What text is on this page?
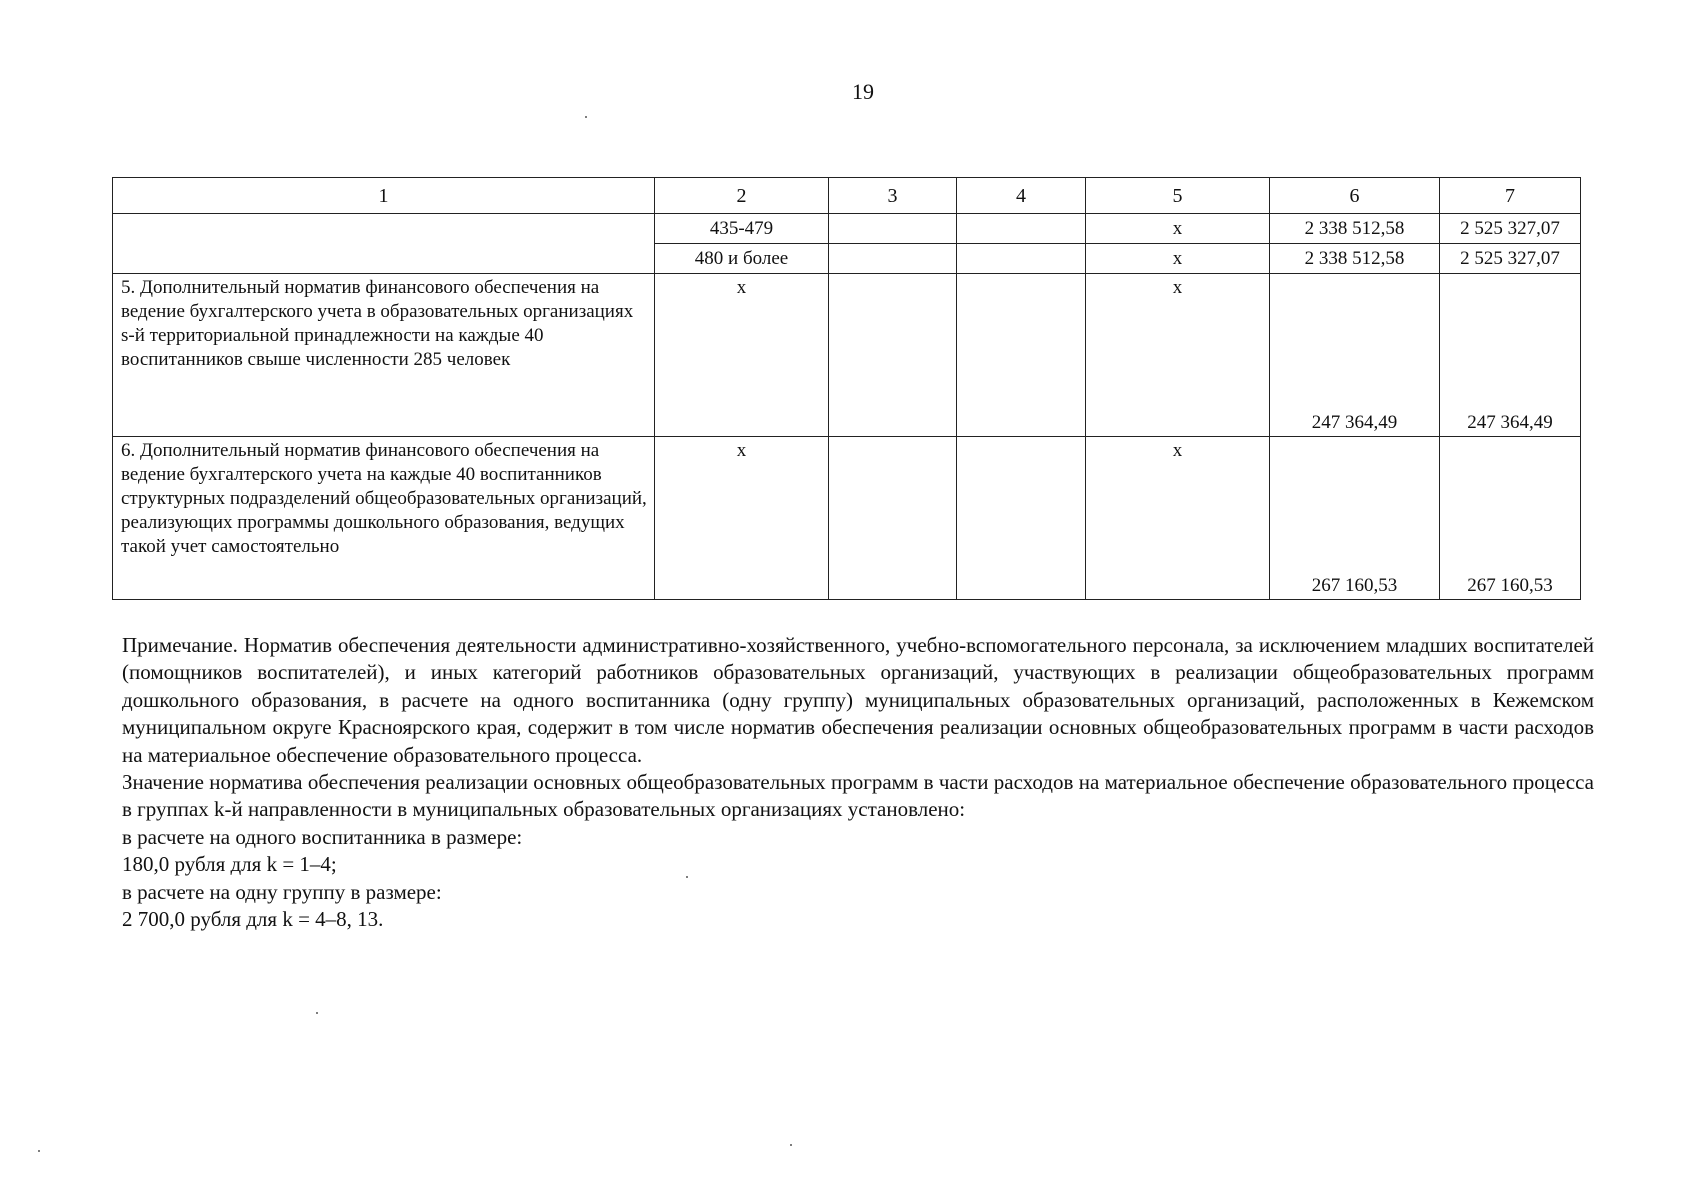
19
1	2	3	4	5	6	7
	435-479			x	2 338 512,58	2 525 327,07
	480 и более			x	2 338 512,58	2 525 327,07
5. Дополнительный норматив финансового обеспечения на ведение бухгалтерского учета в образовательных организациях s-й территориальной принадлежности на каждые 40 воспитанников свыше численности 285 человек	x			x	247 364,49	247 364,49
6. Дополнительный норматив финансового обеспечения на ведение бухгалтерского учета на каждые 40 воспитанников структурных подразделений общеобразовательных организаций, реализующих программы дошкольного образования, ведущих такой учет самостоятельно	x			x	267 160,53	267 160,53

Примечание. Норматив обеспечения деятельности административно-хозяйственного, учебно-вспомогательного персонала, за исключением младших воспитателей (помощников воспитателей), и иных категорий работников образовательных организаций, участвующих в реализации общеобразовательных программ дошкольного образования, в расчете на одного воспитанника (одну группу) муниципальных образовательных организаций, расположенных в Кежемском муниципальном округе Красноярского края, содержит в том числе норматив обеспечения реализации основных общеобразовательных программ в части расходов на материальное обеспечение образовательного процесса.

Значение норматива обеспечения реализации основных общеобразовательных программ в части расходов на материальное обеспечение образовательного процесса в группах k-й направленности в муниципальных образовательных организациях установлено:

в расчете на одного воспитанника в размере:

180,0 рубля для k = 1–4;

в расчете на одну группу в размере:

2 700,0 рубля для k = 4–8, 13.
